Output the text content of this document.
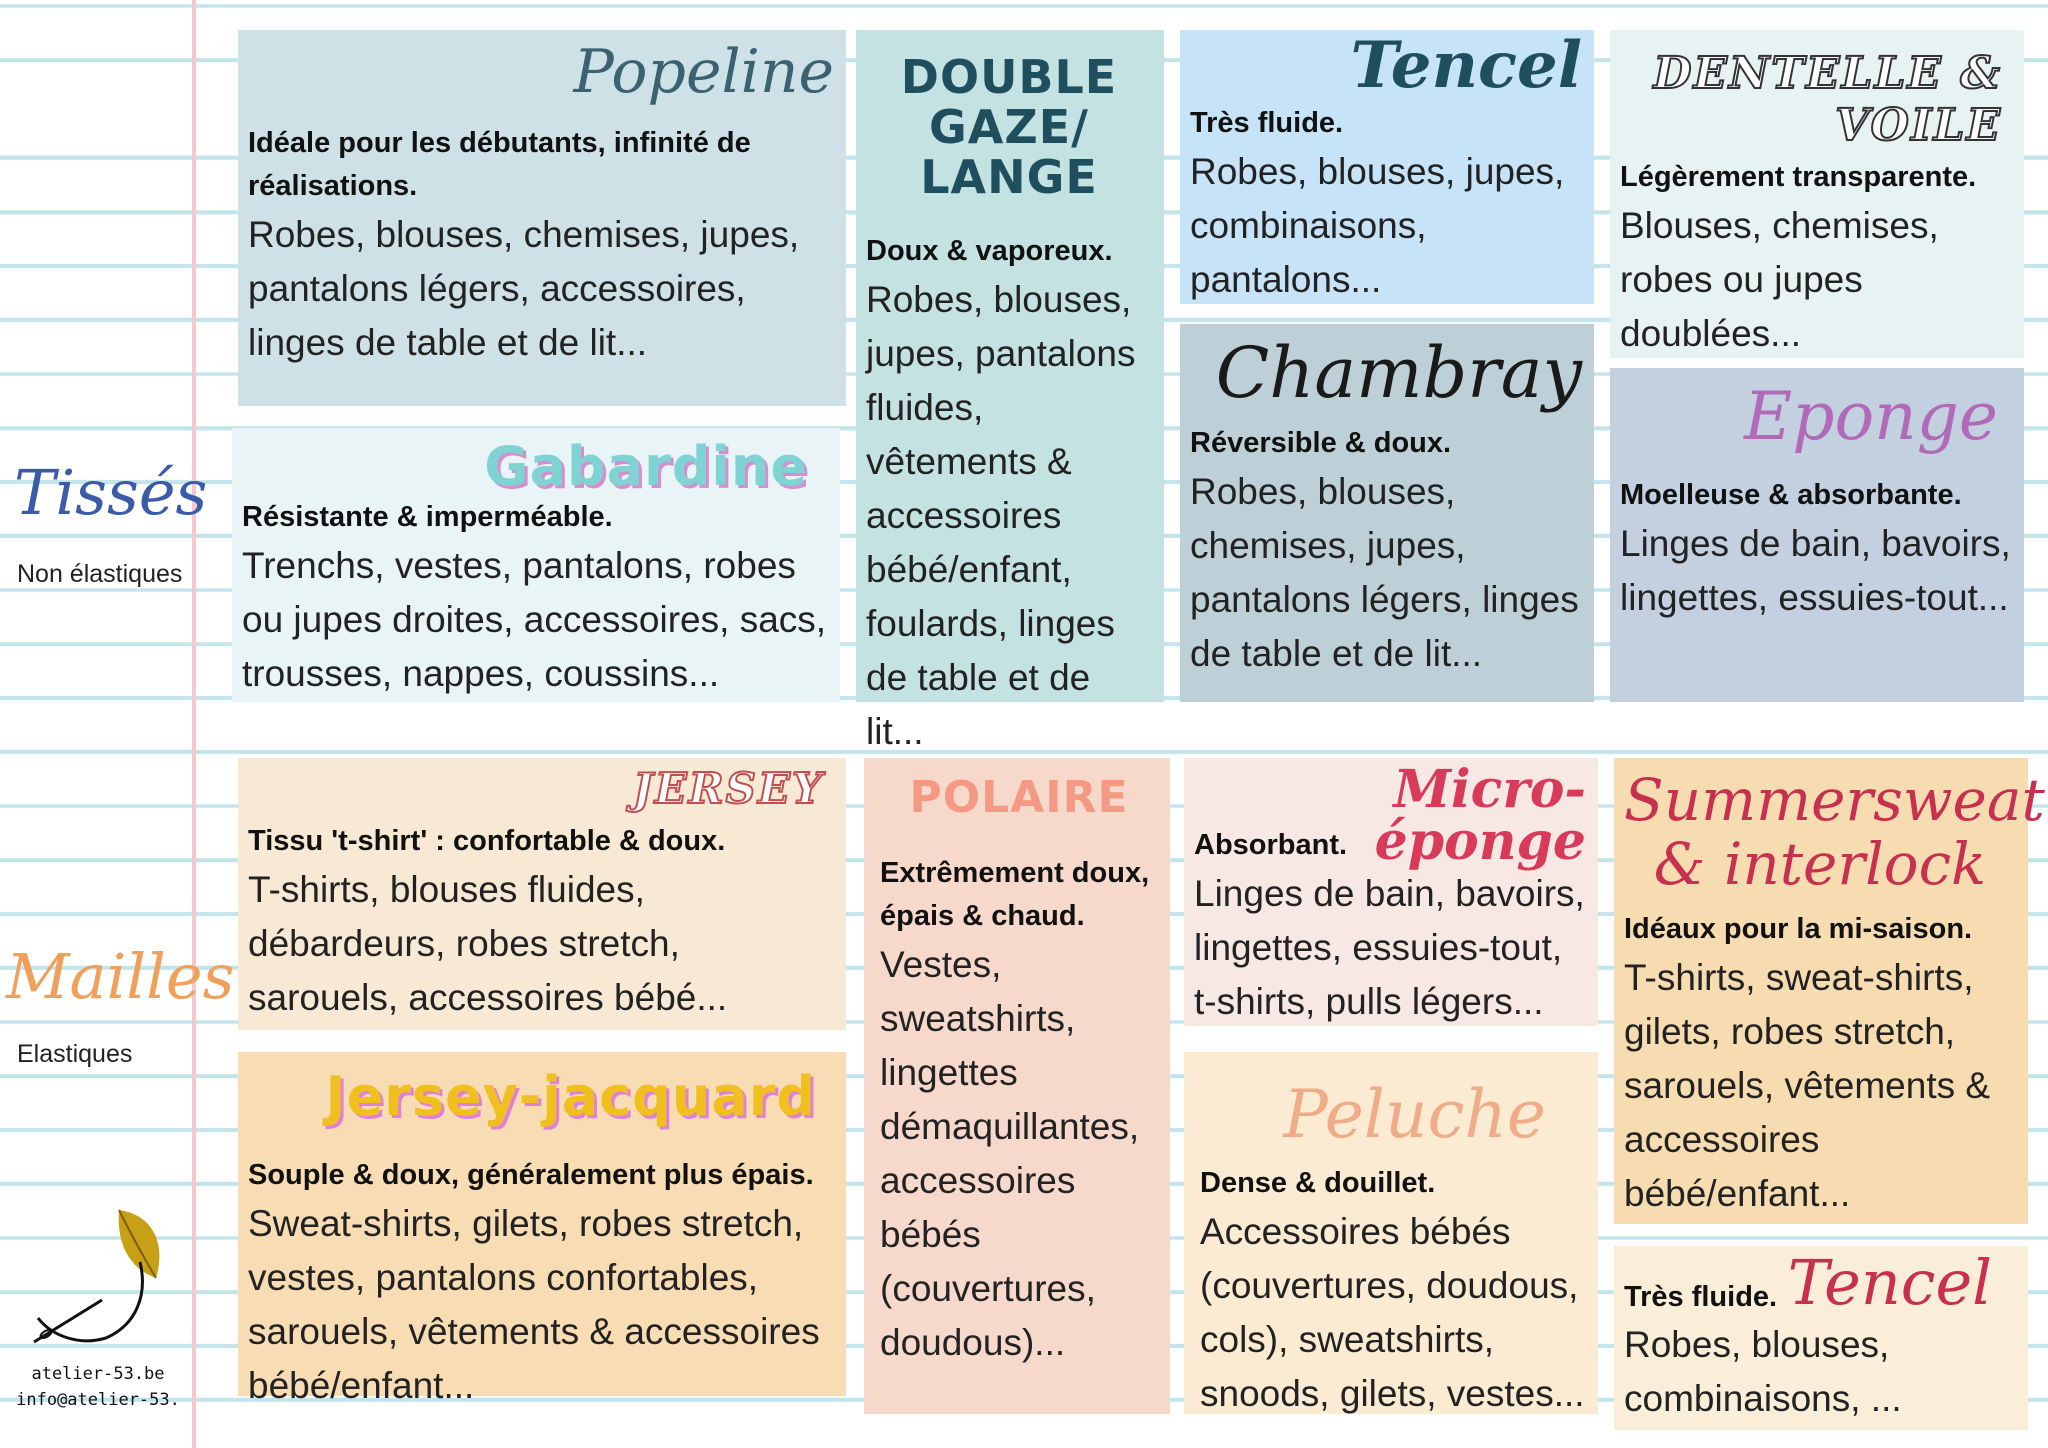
Tissés
Non élastiques
Mailles
Elastiques
atelier-53.be
info@atelier-53.
Popeline
Idéale pour les débutants, infinité de réalisations.
Robes, blouses, chemises, jupes, pantalons légers, accessoires, linges de table et de lit...
Gabardine
Résistante & imperméable.
Trenchs, vestes, pantalons, robes ou jupes droites, accessoires, sacs, trousses, nappes, coussins...
DOUBLE GAZE/ LANGE
Doux & vaporeux.
Robes, blouses, jupes, pantalons fluides, vêtements & accessoires bébé/enfant, foulards, linges de table et de lit...
Tencel
Très fluide.
Robes, blouses, jupes, combinaisons, pantalons...
Chambray
Réversible & doux.
Robes, blouses, chemises, jupes, pantalons légers, linges de table et de lit...
DENTELLE & VOILE
Légèrement transparente.
Blouses, chemises, robes ou jupes doublées...
Eponge
Moelleuse & absorbante.
Linges de bain, bavoirs, lingettes, essuies-tout...
JERSEY
Tissu 't-shirt' : confortable & doux.
T-shirts, blouses fluides, débardeurs, robes stretch, sarouels, accessoires bébé...
Jersey-jacquard
Souple & doux, généralement plus épais.
Sweat-shirts, gilets, robes stretch, vestes, pantalons confortables, sarouels, vêtements & accessoires bébé/enfant...
POLAIRE
Extrêmement doux, épais & chaud.
Vestes, sweatshirts, lingettes démaquillantes, accessoires bébés (couvertures, doudous)...
Micro-éponge
Absorbant.
Linges de bain, bavoirs, lingettes, essuies-tout, t-shirts, pulls légers...
Peluche
Dense & douillet.
Accessoires bébés (couvertures, doudous, cols), sweatshirts, snoods, gilets, vestes...
Summersweat & interlock
Idéaux pour la mi-saison.
T-shirts, sweat-shirts, gilets, robes stretch, sarouels, vêtements & accessoires bébé/enfant...
Très fluide. Tencel
Robes, blouses, combinaisons, ...
